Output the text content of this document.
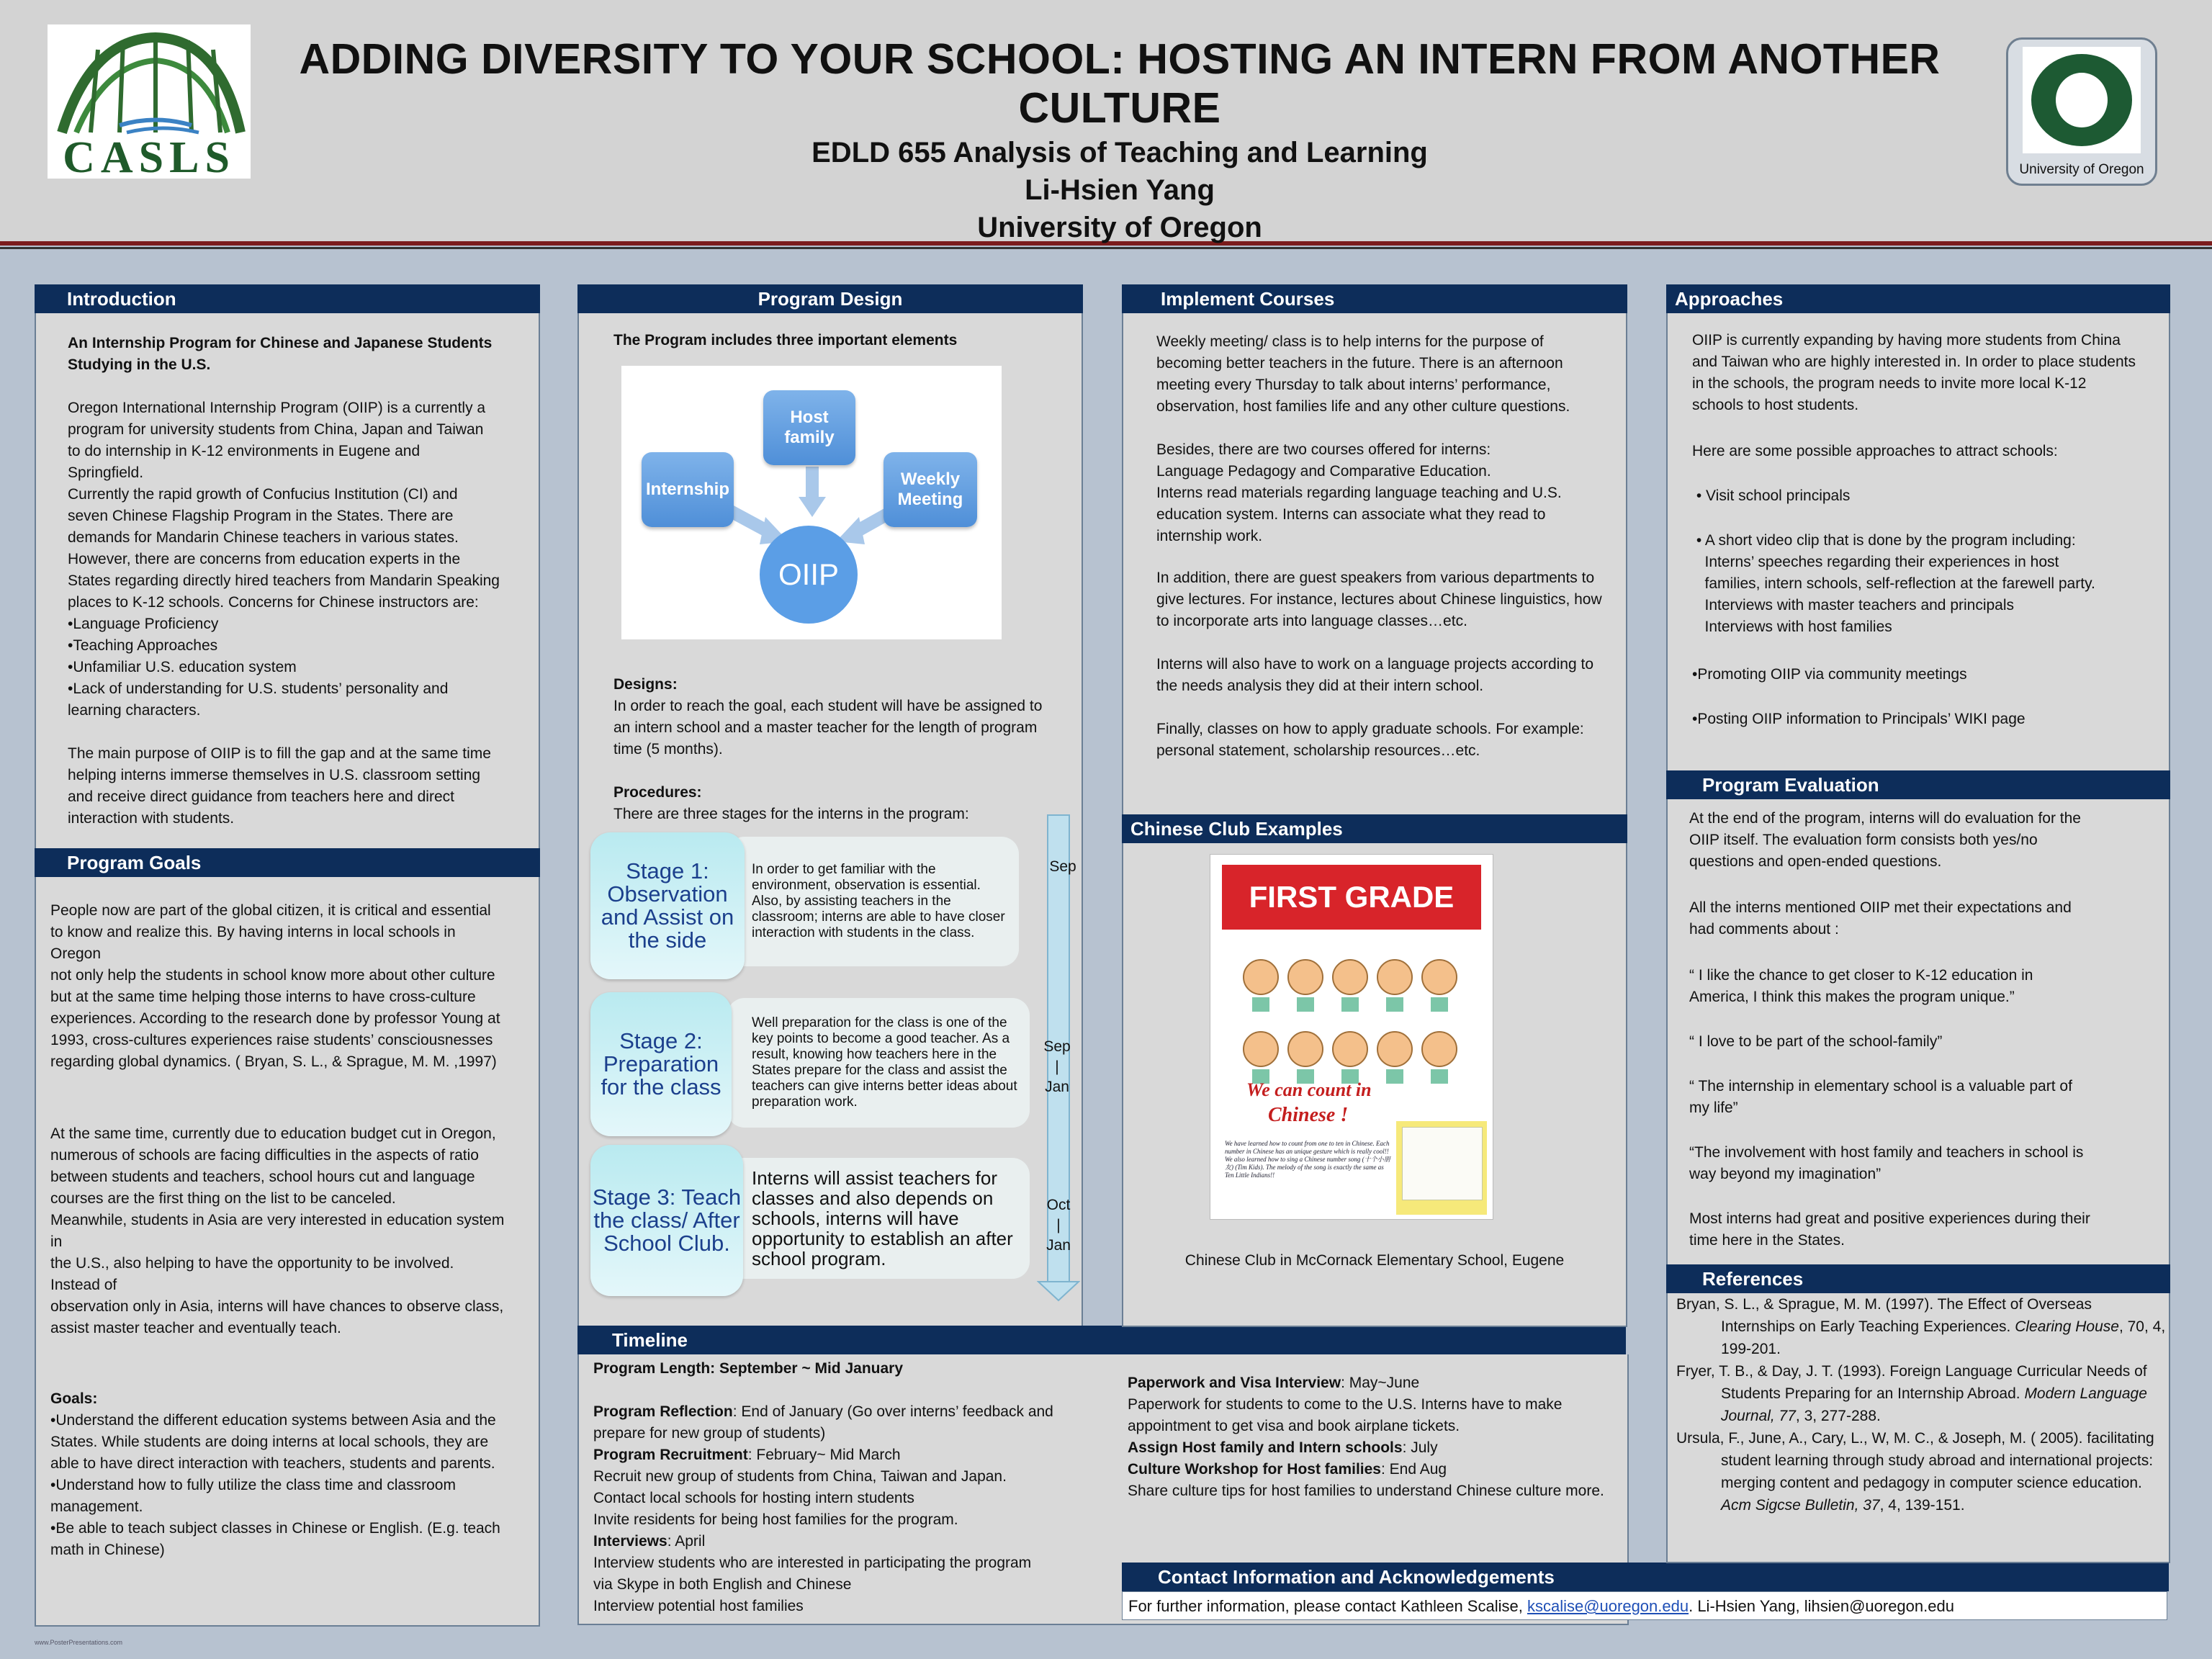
CASLS	University of Oregon
ADDING DIVERSITY TO YOUR SCHOOL: HOSTING AN INTERN FROM ANOTHER CULTURE
EDLD 655 Analysis of Teaching and Learning
Li-Hsien Yang
University of Oregon
Introduction
An Internship Program for Chinese and Japanese Students Studying in the U.S.
Oregon International Internship Program (OIIP) is a currently a program for university students from China, Japan and Taiwan to do internship in K-12 environments in Eugene and Springfield.
Currently the rapid growth of Confucius Institution (CI) and seven Chinese Flagship Program in the States. There are demands for Mandarin Chinese teachers in various states. However, there are concerns from education experts in the States regarding directly hired teachers from Mandarin Speaking places to K-12 schools. Concerns for Chinese instructors are:
•Language Proficiency
•Teaching Approaches
•Unfamiliar U.S. education system
•Lack of understanding for U.S. students’ personality and learning characters.
The main purpose of OIIP is to fill the gap and at the same time helping interns immerse themselves in U.S. classroom setting and receive direct guidance from teachers here and direct interaction with students.
Program Goals
People now are part of the global citizen, it is critical and essential to know and realize this. By having interns in local schools in Oregon
not only help the students in school know more about other culture but at the same time helping those interns to have cross-culture experiences. According to the research done by professor Young at 1993, cross-cultures experiences raise students’ consciousnesses regarding global dynamics. ( Bryan, S. L., & Sprague, M. M. ,1997)
At the same time, currently due to education budget cut in Oregon, numerous of schools are facing difficulties in the aspects of ratio between students and teachers, school hours cut and language courses are the first thing on the list to be canceled.
Meanwhile, students in Asia are very interested in education system in
the U.S., also helping to have the opportunity to be involved. Instead of
observation only in Asia, interns will have chances to observe class, assist master teacher and eventually teach.
Goals:
•Understand the different education systems between Asia and the States. While students are doing interns at local schools, they are able to have direct interaction with teachers, students and parents.
•Understand how to fully utilize the class time and classroom management.
•Be able to teach subject classes in Chinese or English. (E.g. teach math in Chinese)
www.PosterPresentations.com
Program Design
The Program includes three important elements
Internship
Host family
Weekly Meeting
OIIP
Designs:
In order to reach the goal, each student will have be assigned to an intern school and a master teacher for the length of program time (5 months).
Procedures:
There are three stages for the interns in the program:
In order to get familiar with the environment, observation is essential. Also, by assisting teachers in the classroom; interns are able to have closer interaction with students in the class.
Stage 1: Observation and Assist on the side
Sep
Well preparation for the class is one of the key points to become a good teacher. As a result, knowing how teachers here in the States prepare for the class and assist the teachers can give interns better ideas about preparation work.
Stage 2: Preparation for the class
Sep
|
Jan
Interns will assist teachers for classes and also depends on schools, interns will have opportunity to establish an after school program.
Stage 3: Teach the class/ After School Club.
Oct
|
Jan
Timeline
Program Length: September ~ Mid January
Program Reflection: End of January (Go over interns’ feedback and prepare for new group of students)
Program Recruitment: February~ Mid March
Recruit new group of students from China, Taiwan and Japan.
Contact local schools for hosting intern students
Invite residents for being host families for the program.
Interviews: April
Interview students who are interested in participating the program via Skype in both English and Chinese
Interview potential host families
Paperwork and Visa Interview: May~June
Paperwork for students to come to the U.S. Interns have to make appointment to get visa and book airplane tickets.
Assign Host family and Intern schools: July
Culture Workshop for Host families: End Aug
Share culture tips for host families to understand Chinese culture more.
Implement Courses
Weekly meeting/ class is to help interns for the purpose of becoming better teachers in the future. There is an afternoon meeting every Thursday to talk about interns’ performance, observation, host families life and any other culture questions.
Besides, there are two courses offered for interns:
Language Pedagogy and Comparative Education.
Interns read materials regarding language teaching and U.S. education system. Interns can associate what they read to internship work.
In addition, there are guest speakers from various departments to give lectures. For instance, lectures about Chinese linguistics, how to incorporate arts into language classes…etc.
Interns will also have to work on a language projects according to the needs analysis they did at their intern school.
Finally, classes on how to apply graduate schools. For example: personal statement, scholarship resources…etc.
Chinese Club Examples
FIRST GRADE
We can count in
Chinese !
We have learned how to count from one to ten in Chinese. Each number in Chinese has an unique gesture which is really cool!! We also learned how to sing a Chinese number song (十个小朋友) (Tim Kids). The melody of the song is exactly the same as Ten Little Indians!!
Chinese Club in McCornack Elementary School, Eugene
Contact Information and Acknowledgements
For further information, please contact Kathleen Scalise, kscalise@uoregon.edu. Li-Hsien Yang, lihsien@uoregon.edu
Approaches
OIIP is currently expanding by having more students from China and Taiwan who are highly interested in. In order to place students in the schools, the program needs to invite more local K-12 schools to host students.
Here are some possible approaches to attract schools:
• Visit school principals
• A short video clip that is done by the program including:
Interns’ speeches regarding their experiences in host
families, intern schools, self-reflection at the farewell party.
Interviews with master teachers and principals
Interviews with host families
•Promoting OIIP via community meetings
•Posting OIIP information to Principals’ WIKI page
Program Evaluation
At the end of the program, interns will do evaluation for the OIIP itself. The evaluation form consists both yes/no questions and open-ended questions.
All the interns mentioned OIIP met their expectations and had comments about :
“ I like the chance to get closer to K-12 education in America, I think this makes the program unique.”
“ I love to be part of the school-family”
“ The internship in elementary school is a valuable part of my life”
“The involvement with host family and teachers in school is way beyond my imagination”
Most interns had great and positive experiences during their time here in the States.
References

Bryan, S. L., & Sprague, M. M. (1997). The Effect of Overseas Internships on Early Teaching Experiences. Clearing House, 70, 4, 199-201.

Fryer, T. B., & Day, J. T. (1993). Foreign Language Curricular Needs of Students Preparing for an Internship Abroad. Modern Language Journal, 77, 3, 277-288.

Ursula, F., June, A., Cary, L., W, M. C., & Joseph, M. ( 2005). facilitating student learning through study abroad and international projects: merging content and pedagogy in computer science education. Acm Sigcse Bulletin, 37, 4, 139-151.
